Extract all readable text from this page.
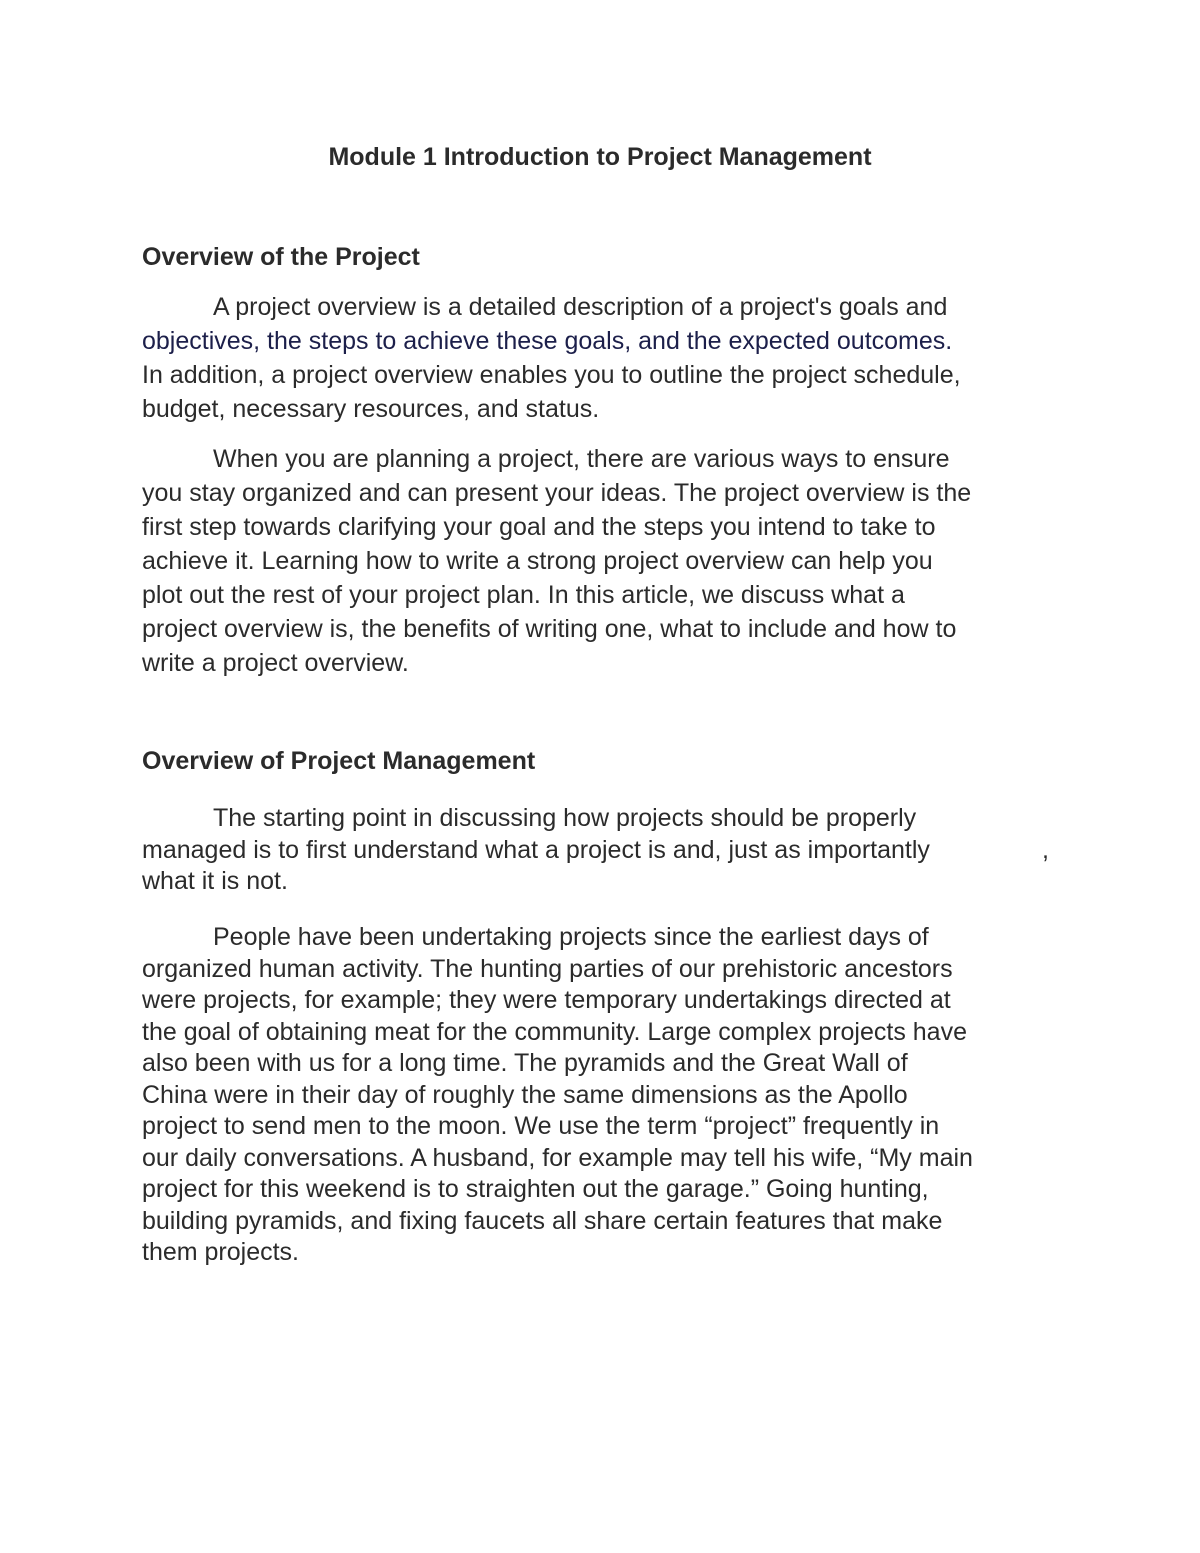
Module 1 Introduction to Project Management
Overview of the Project

A project overview is a detailed description of a project's goals and
objectives, the steps to achieve these goals, and the expected outcomes.
In addition, a project overview enables you to outline the project schedule,
budget, necessary resources, and status.

When you are planning a project, there are various ways to ensure
you stay organized and can present your ideas. The project overview is the
first step towards clarifying your goal and the steps you intend to take to
achieve it. Learning how to write a strong project overview can help you
plot out the rest of your project plan. In this article, we discuss what a
project overview is, the benefits of writing one, what to include and how to
write a project overview.

Overview of Project Management

The starting point in discussing how projects should be properly
managed is to first understand what a project is and, just as importantly	,
what it is not.

People have been undertaking projects since the earliest days of
organized human activity. The hunting parties of our prehistoric ancestors
were projects, for example; they were temporary undertakings directed at
the goal of obtaining meat for the community. Large complex projects have
also been with us for a long time. The pyramids and the Great Wall of
China were in their day of roughly the same dimensions as the Apollo
project to send men to the moon. We use the term “project” frequently in
our daily conversations. A husband, for example may tell his wife, “My main
project for this weekend is to straighten out the garage.” Going hunting,
building pyramids, and fixing faucets all share certain features that make
them projects.
